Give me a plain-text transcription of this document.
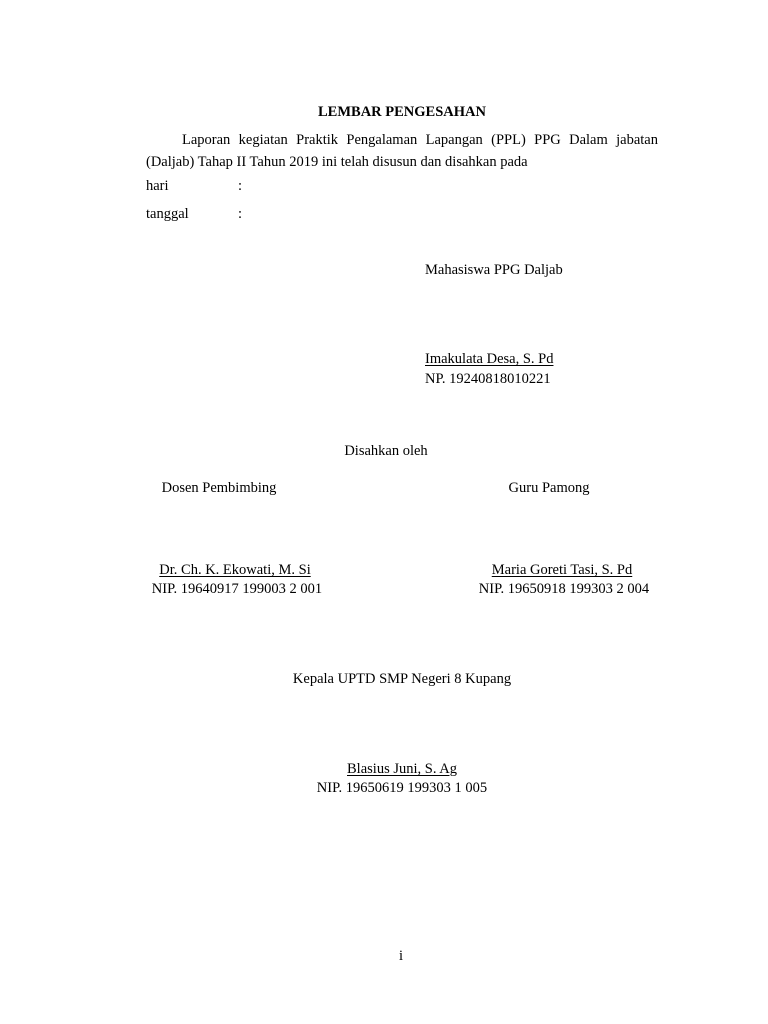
LEMBAR PENGESAHAN
Laporan kegiatan Praktik Pengalaman Lapangan (PPL) PPG Dalam jabatan (Daljab) Tahap II Tahun 2019 ini telah disusun dan disahkan pada
hari	:
tanggal	:
Mahasiswa PPG Daljab
Imakulata Desa, S. Pd
NP. 19240818010221
Disahkan oleh
Dosen Pembimbing
Dr. Ch. K. Ekowati, M. Si
NIP. 19640917 199003 2 001
Guru Pamong
Maria Goreti Tasi, S. Pd
NIP. 19650918 199303 2 004
Kepala UPTD SMP Negeri 8 Kupang
Blasius Juni, S. Ag
NIP. 19650619 199303 1 005
i
